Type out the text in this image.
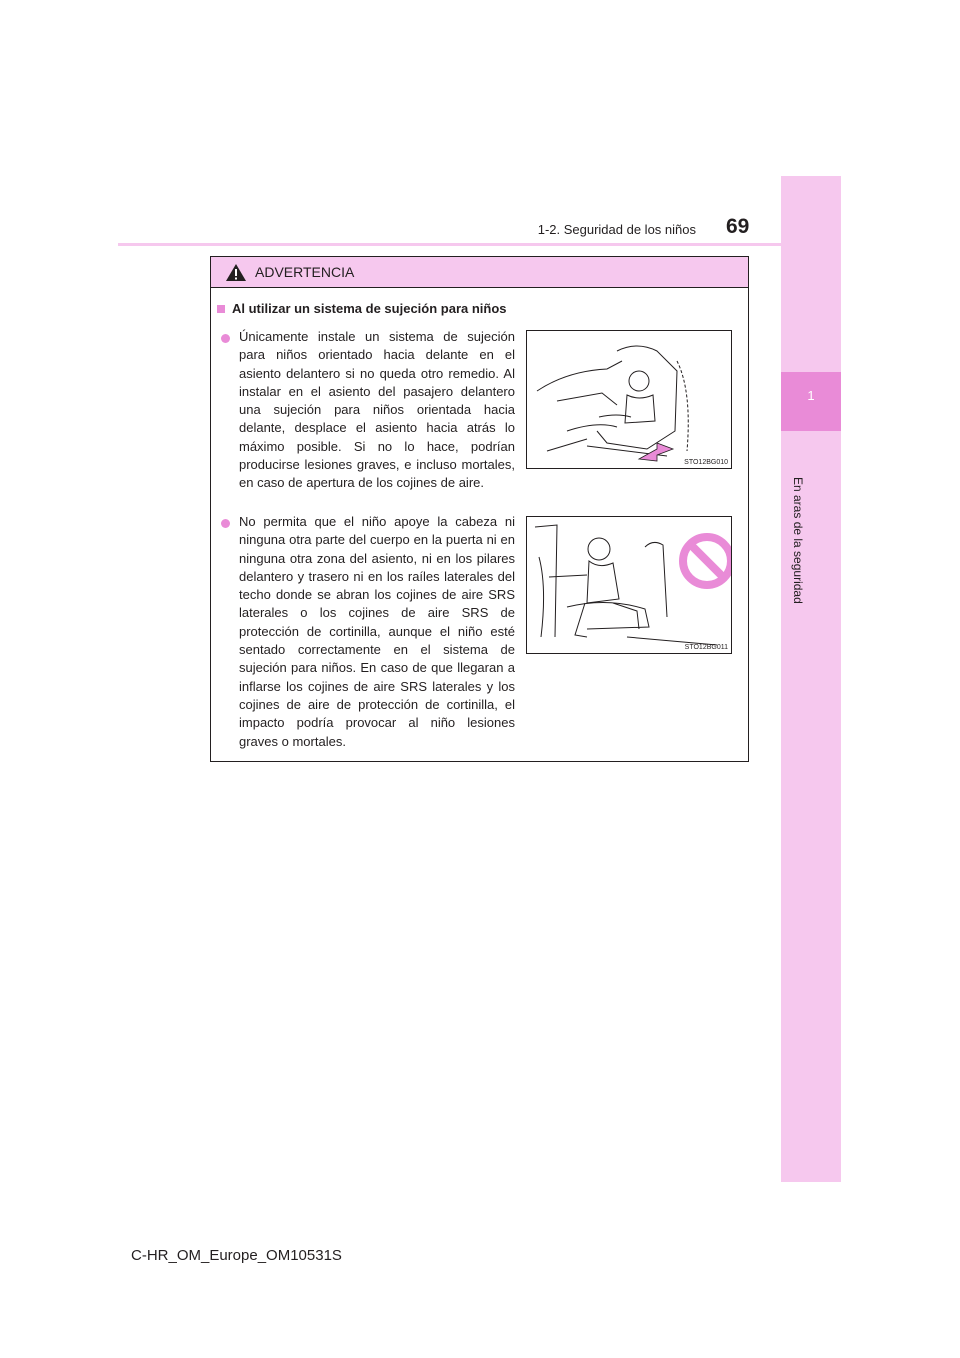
1
En aras de la seguridad
1-2. Seguridad de los niños 69
ADVERTENCIA
Al utilizar un sistema de sujeción para niños
Únicamente instale un sistema de sujeción para niños orientado hacia delante en el asiento delantero si no queda otro remedio. Al instalar en el asiento del pasajero delantero una sujeción para niños orientada hacia delante, desplace el asiento hacia atrás lo máximo posible. Si no lo hace, podrían producirse lesiones graves, e incluso mortales, en caso de apertura de los cojines de aire.
STO12BG010
No permita que el niño apoye la cabeza ni ninguna otra parte del cuerpo en la puerta ni en ninguna otra zona del asiento, ni en los pilares delantero y trasero ni en los raíles laterales del techo donde se abran los cojines de aire SRS laterales o los cojines de aire SRS de protección de cortinilla, aunque el niño esté sentado correctamente en el sistema de sujeción para niños. En caso de que llegaran a inflarse los cojines de aire SRS laterales y los cojines de aire de protección de cortinilla, el impacto podría provocar al niño lesiones graves o mortales.
STO12BG011
C-HR_OM_Europe_OM10531S
